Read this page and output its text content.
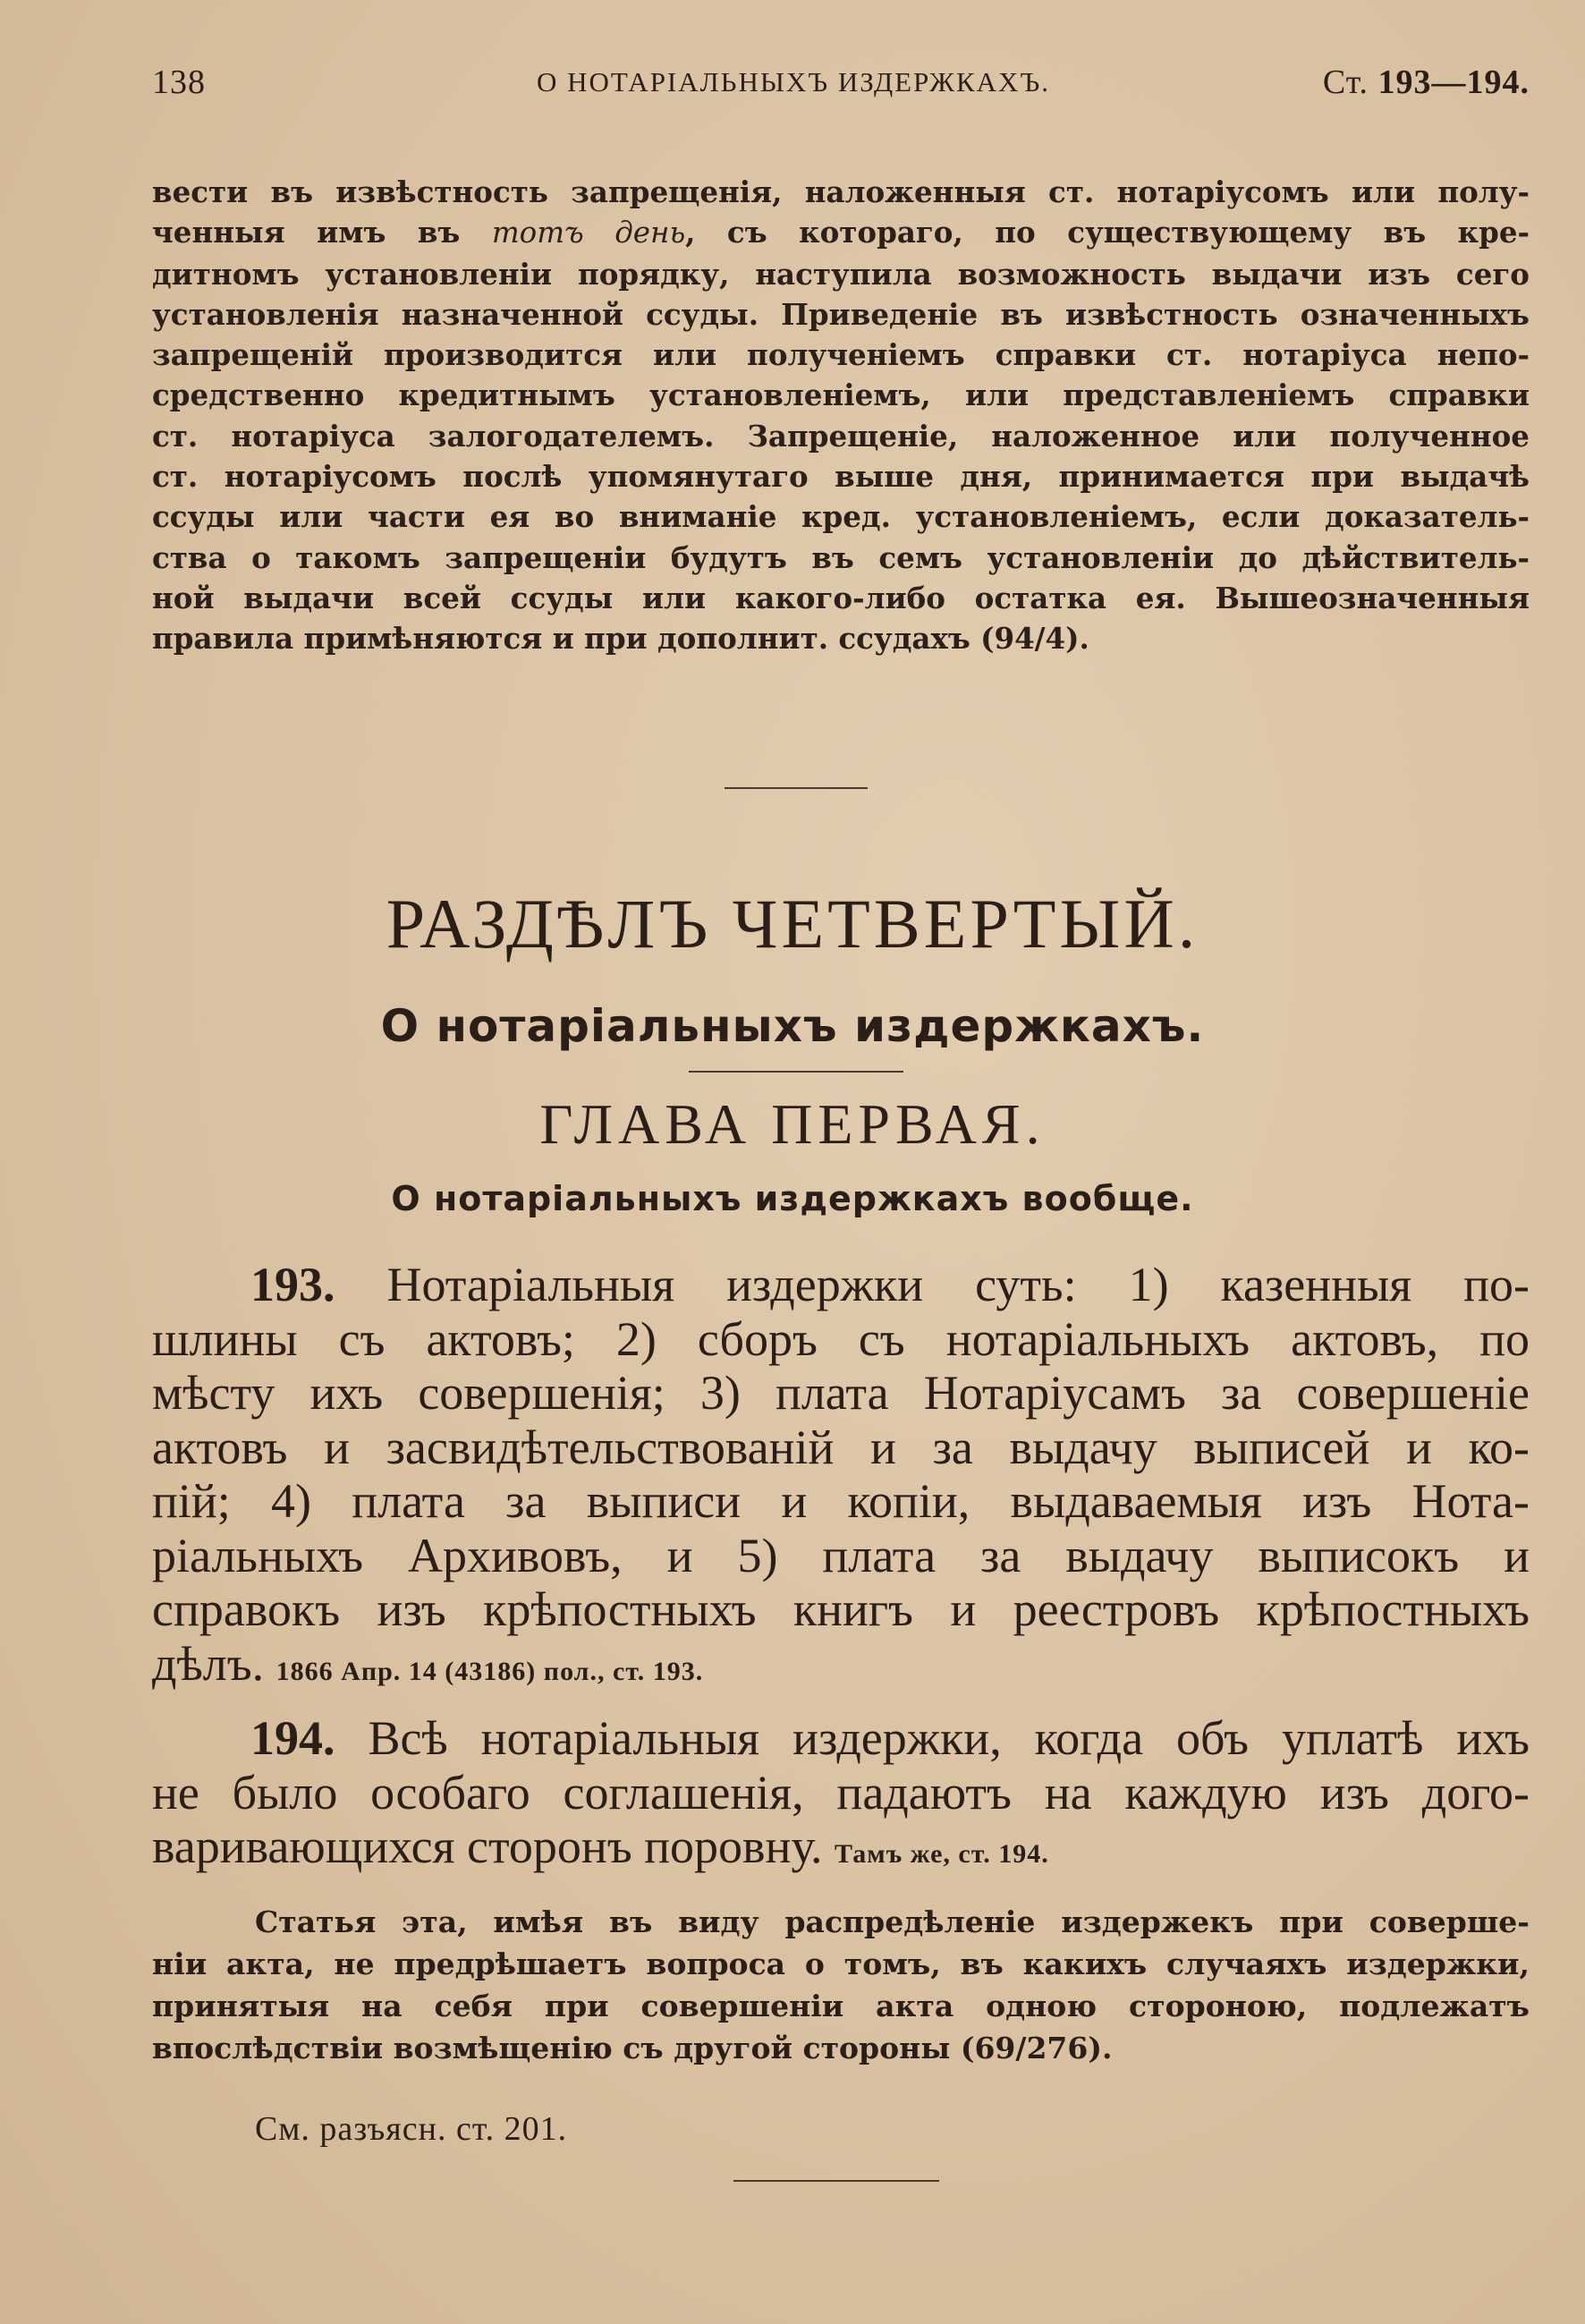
138	О НОТАРІАЛЬНЫХЪ ИЗДЕРЖКАХЪ.	Ст. 193—194.
вести въ извѣстность запрещенія, наложенныя ст. нотаріусомъ или полу-
ченныя имъ въ тотъ день, съ котораго, по существующему въ кре-
дитномъ установленіи порядку, наступила возможность выдачи изъ сего
установленія назначенной ссуды. Приведеніе въ извѣстность означенныхъ
запрещеній производится или полученіемъ справки ст. нотаріуса непо-
средственно кредитнымъ установленіемъ, или представленіемъ справки
ст. нотаріуса залогодателемъ. Запрещеніе, наложенное или полученное
ст. нотаріусомъ послѣ упомянутаго выше дня, принимается при выдачѣ
ссуды или части ея во вниманіе кред. установленіемъ, если доказатель-
ства о такомъ запрещеніи будутъ въ семъ установленіи до дѣйствитель-
ной выдачи всей ссуды или какого-либо остатка ея. Вышеозначенныя
правила примѣняются и при дополнит. ссудахъ (94/4).
РАЗДѢЛЪ ЧЕТВЕРТЫЙ.
О нотаріальныхъ издержкахъ.
ГЛАВА ПЕРВАЯ.
О нотаріальныхъ издержкахъ вообще.
193. Нотаріальныя издержки суть: 1) казенныя по-
шлины съ актовъ; 2) сборъ съ нотаріальныхъ актовъ, по
мѣсту ихъ совершенія; 3) плата Нотаріусамъ за совершеніе
актовъ и засвидѣтельствованій и за выдачу выписей и ко-
пій; 4) плата за выписи и копіи, выдаваемыя изъ Нота-
ріальныхъ Архивовъ, и 5) плата за выдачу выписокъ и
справокъ изъ крѣпостныхъ книгъ и реестровъ крѣпостныхъ
дѣлъ. 1866 Апр. 14 (43186) пол., ст. 193.
194. Всѣ нотаріальныя издержки, когда объ уплатѣ ихъ
не было особаго соглашенія, падаютъ на каждую изъ дого-
варивающихся сторонъ поровну. Тамъ же, ст. 194.
Статья эта, имѣя въ виду распредѣленіе издержекъ при соверше-
ніи акта, не предрѣшаетъ вопроса о томъ, въ какихъ случаяхъ издержки,
принятыя на себя при совершеніи акта одною стороною, подлежатъ
впослѣдствіи возмѣщенію съ другой стороны (69/276).
См. разъясн. ст. 201.
